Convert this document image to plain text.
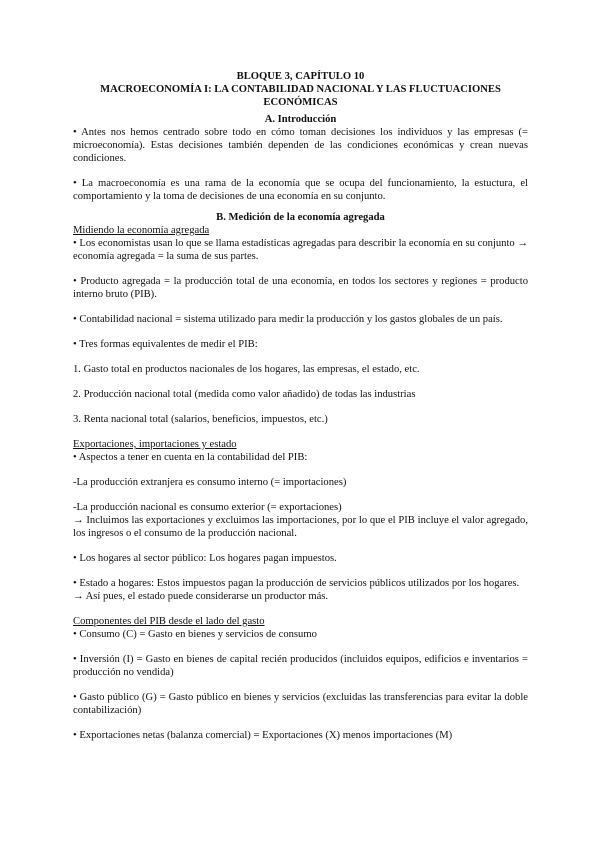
BLOQUE 3, CAPÍTULO 10

MACROECONOMÍA I: LA CONTABILIDAD NACIONAL Y LAS FLUCTUACIONES

ECONÓMICAS

A. Introducción

• Antes nos hemos centrado sobre todo en cómo toman decisiones los individuos y las empresas (= microeconomía). Estas decisiones también dependen de las condiciones económicas y crean nuevas condiciones.

• La macroeconomía es una rama de la economía que se ocupa del funcionamiento, la estuctura, el comportamiento y la toma de decisiones de una economía en su conjunto.

B. Medición de la economía agregada

Midiendo la economía agregada

• Los economistas usan lo que se llama estadísticas agregadas para describir la economía en su conjunto → economía agregada = la suma de sus partes.

• Producto agregada = la producción total de una economía, en todos los sectores y regiones = producto interno bruto (PIB).

• Contabilidad nacional = sistema utilizado para medir la producción y los gastos globales de un país.

• Tres formas equivalentes de medir el PIB:

1. Gasto total en productos nacionales de los hogares, las empresas, el estado, etc.

2. Producción nacional total (medida como valor añadido) de todas las industrias

3. Renta nacional total (salarios, beneficios, impuestos, etc.)

Exportaciones, importaciones y estado

• Aspectos a tener en cuenta en la contabilidad del PIB:

-La producción extranjera es consumo interno (= importaciones)

-La producción nacional es consumo exterior (= exportaciones)

→ Incluimos las exportaciones y excluimos las importaciones, por lo que el PIB incluye el valor agregado, los ingresos o el consumo de la producción nacional.

• Los hogares al sector público: Los hogares pagan impuestos.

• Estado a hogares: Estos impuestos pagan la producción de servicios públicos utilizados por los hogares.

→ Así pues, el estado puede considerarse un productor más.

Componentes del PIB desde el lado del gasto

• Consumo (C) = Gasto en bienes y servicios de consumo

• Inversión (I) = Gasto en bienes de capital recién producidos (incluidos equipos, edificios e inventarios = producción no vendida)

• Gasto público (G) = Gasto público en bienes y servicios (excluidas las transferencias para evitar la doble contabilización)

• Exportaciones netas (balanza comercial) = Exportaciones (X) menos importaciones (M)
